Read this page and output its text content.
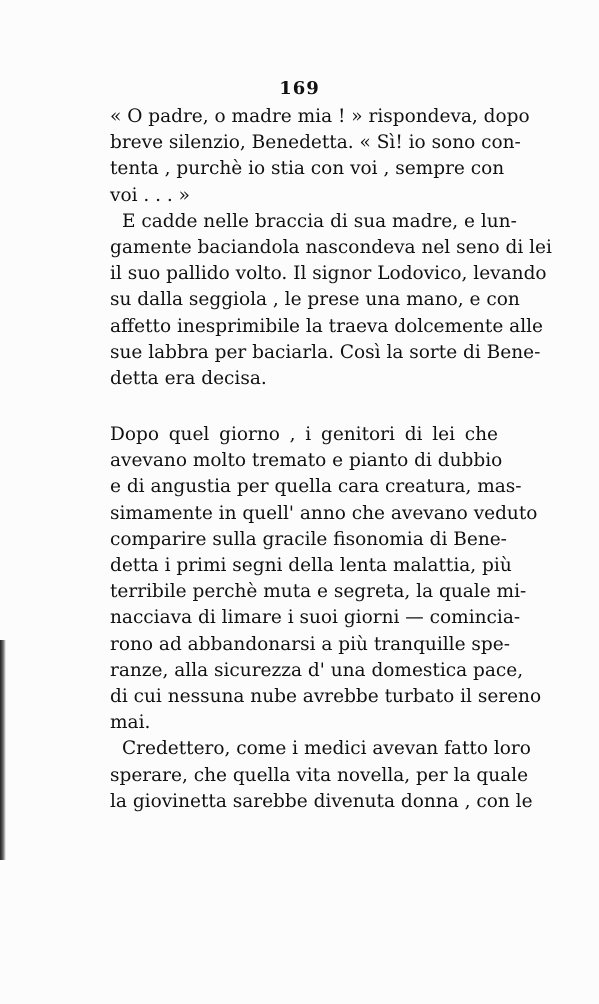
169

« O padre, o madre mia ! » rispondeva, dopo
breve silenzio, Benedetta. « Sì! io sono con-
tenta , purchè io stia con voi , sempre con
voi . . . »

E cadde nelle braccia di sua madre, e lun-
gamente baciandola nascondeva nel seno di lei
il suo pallido volto. Il signor Lodovico, levando
su dalla seggiola , le prese una mano, e con
affetto inesprimibile la traeva dolcemente alle
sue labbra per baciarla. Così la sorte di Bene-
detta era decisa.

Dopo quel giorno , i genitori di lei che
avevano molto tremato e pianto di dubbio
e di angustia per quella cara creatura, mas-
simamente in quell' anno che avevano veduto
comparire sulla gracile fisonomia di Bene-
detta i primi segni della lenta malattia, più
terribile perchè muta e segreta, la quale mi-
nacciava di limare i suoi giorni — comincia-
rono ad abbandonarsi a più tranquille spe-
ranze, alla sicurezza d' una domestica pace,
di cui nessuna nube avrebbe turbato il sereno
mai.

Credettero, come i medici avevan fatto loro
sperare, che quella vita novella, per la quale
la giovinetta sarebbe divenuta donna , con le
